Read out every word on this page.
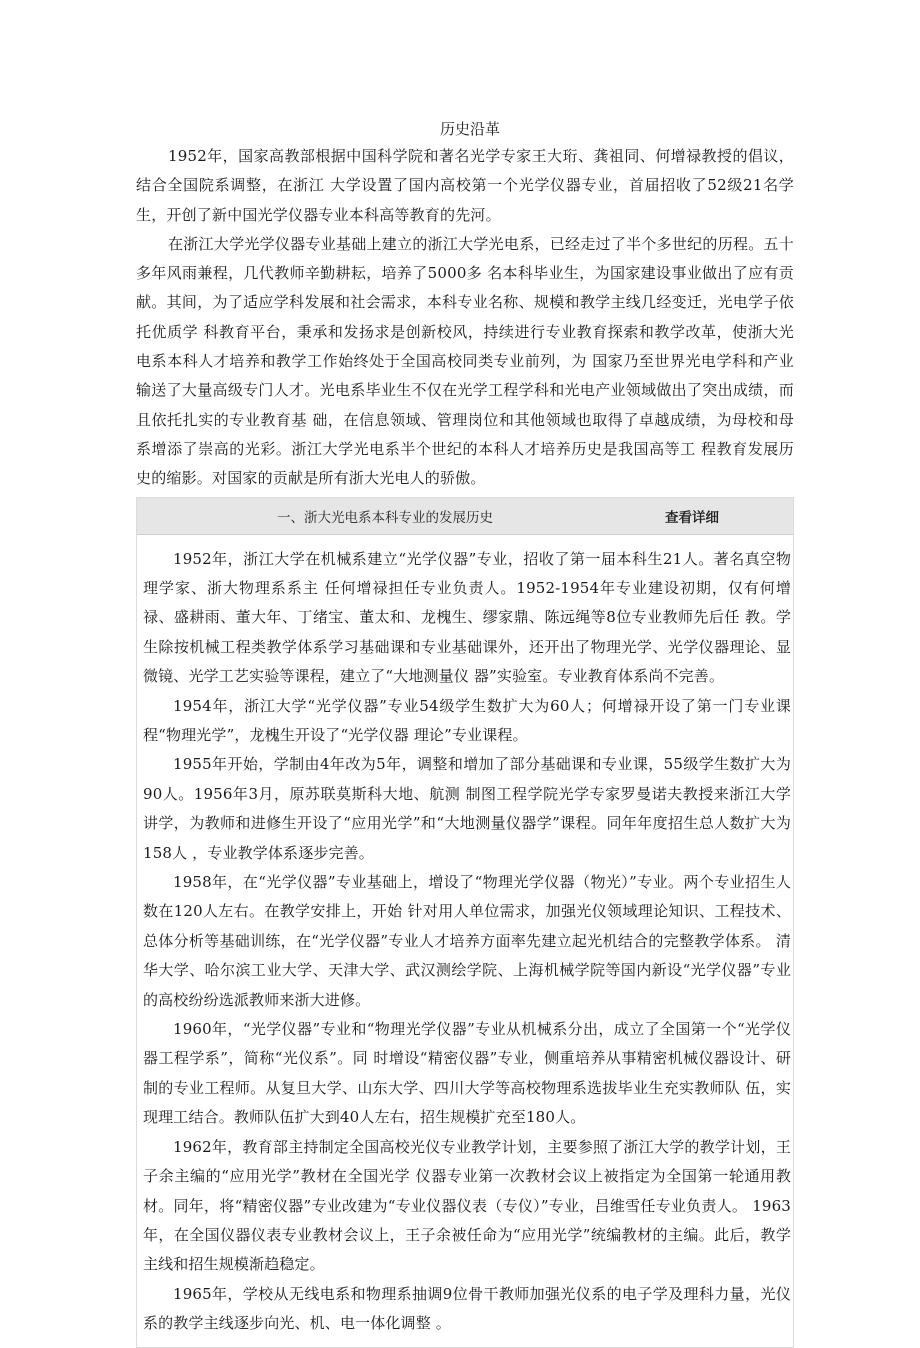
历史沿革

1952年，国家高教部根据中国科学院和著名光学专家王大珩、龚祖同、何增禄教授的倡议，结合全国院系调整，在浙江 大学设置了国内高校第一个光学仪器专业，首届招收了52级21名学生，开创了新中国光学仪器专业本科高等教育的先河。

在浙江大学光学仪器专业基础上建立的浙江大学光电系，已经走过了半个多世纪的历程。五十多年风雨兼程，几代教师辛勤耕耘，培养了5000多 名本科毕业生，为国家建设事业做出了应有贡献。其间，为了适应学科发展和社会需求，本科专业名称、规模和教学主线几经变迁，光电学子依托优质学 科教育平台，秉承和发扬求是创新校风，持续进行专业教育探索和教学改革，使浙大光电系本科人才培养和教学工作始终处于全国高校同类专业前列，为 国家乃至世界光电学科和产业输送了大量高级专门人才。光电系毕业生不仅在光学工程学科和光电产业领域做出了突出成绩，而且依托扎实的专业教育基 础，在信息领域、管理岗位和其他领域也取得了卓越成绩，为母校和母系增添了崇高的光彩。浙江大学光电系半个世纪的本科人才培养历史是我国高等工 程教育发展历史的缩影。对国家的贡献是所有浙大光电人的骄傲。

一、浙大光电系本科专业的发展历史	查看详细

1952年，浙江大学在机械系建立“光学仪器”专业，招收了第一届本科生21人。著名真空物理学家、浙大物理系系主 任何增禄担任专业负责人。1952-1954年专业建设初期，仅有何增禄、盛耕雨、董大年、丁绪宝、董太和、龙槐生、缪家鼎、陈远绳等8位专业教师先后任 教。学生除按机械工程类教学体系学习基础课和专业基础课外，还开出了物理光学、光学仪器理论、显微镜、光学工艺实验等课程，建立了“大地测量仪 器”实验室。专业教育体系尚不完善。

1954年，浙江大学“光学仪器”专业54级学生数扩大为60人；何增禄开设了第一门专业课程“物理光学”，龙槐生开设了“光学仪器 理论”专业课程。

1955年开始，学制由4年改为5年，调整和增加了部分基础课和专业课，55级学生数扩大为90人。1956年3月，原苏联莫斯科大地、航测 制图工程学院光学专家罗曼诺夫教授来浙江大学讲学，为教师和进修生开设了“应用光学”和“大地测量仪器学”课程。同年年度招生总人数扩大为158人 ，专业教学体系逐步完善。

1958年，在“光学仪器”专业基础上，增设了“物理光学仪器（物光）”专业。两个专业招生人数在120人左右。在教学安排上，开始 针对用人单位需求，加强光仪领域理论知识、工程技术、总体分析等基础训练，在“光学仪器”专业人才培养方面率先建立起光机结合的完整教学体系。 清华大学、哈尔滨工业大学、天津大学、武汉测绘学院、上海机械学院等国内新设“光学仪器”专业的高校纷纷选派教师来浙大进修。

1960年，“光学仪器”专业和“物理光学仪器”专业从机械系分出，成立了全国第一个“光学仪器工程学系”，简称“光仪系”。同 时增设“精密仪器”专业，侧重培养从事精密机械仪器设计、研制的专业工程师。从复旦大学、山东大学、四川大学等高校物理系选拔毕业生充实教师队 伍，实现理工结合。教师队伍扩大到40人左右，招生规模扩充至180人。

1962年，教育部主持制定全国高校光仪专业教学计划，主要参照了浙江大学的教学计划，王子余主编的“应用光学”教材在全国光学 仪器专业第一次教材会议上被指定为全国第一轮通用教材。同年，将“精密仪器”专业改建为“专业仪器仪表（专仪）”专业，吕维雪任专业负责人。 1963年，在全国仪器仪表专业教材会议上，王子余被任命为“应用光学”统编教材的主编。此后，教学主线和招生规模渐趋稳定。

1965年，学校从无线电系和物理系抽调9位骨干教师加强光仪系的电子学及理科力量，光仪系的教学主线逐步向光、机、电一体化调整 。
